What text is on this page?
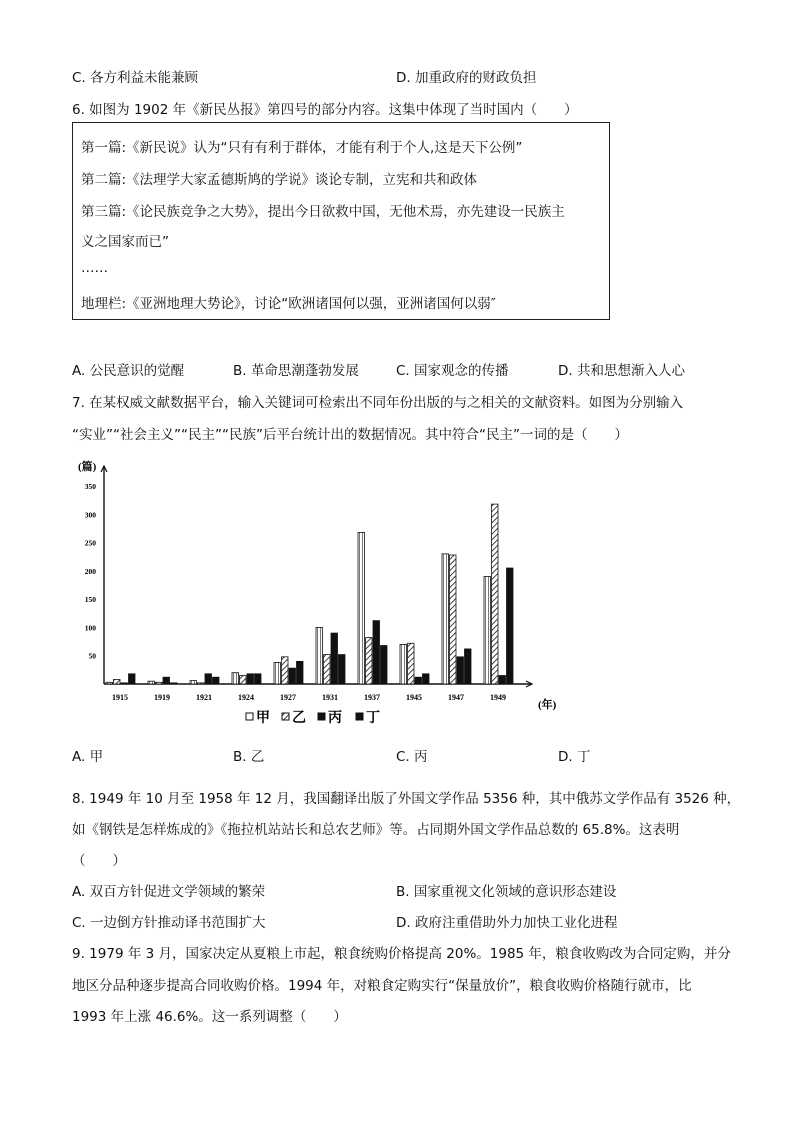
C. 各方利益未能兼顾	D. 加重政府的财政负担
6. 如图为 1902 年《新民丛报》第四号的部分内容。这集中体现了当时国内（　　）
第一篇:《新民说》认为“只有有利于群体，才能有利于个人,这是天下公例”
第二篇:《法理学大家孟德斯鸠的学说》谈论专制，立宪和共和政体
第三篇:《论民族竞争之大势》，提出今日欲救中国，无他术焉，亦先建设一民族主
义之国家而已”
……
地理栏:《亚洲地理大势论》，讨论“欧洲诸国何以强，亚洲诸国何以弱″
A. 公民意识的觉醒	B. 革命思潮蓬勃发展	C. 国家观念的传播	D. 共和思想渐入人心
7. 在某权威文献数据平台，输入关键词可检索出不同年份出版的与之相关的文献资料。如图为分别输入
“实业”“社会主义”“民主”“民族”后平台统计出的数据情况。其中符合“民主”一词的是（　　）
(篇)
(年)
350
300
250
200
150
100
50
1915	1919	1921	1924	1927	1931	1937	1945	1947	1949
甲 乙 丙 丁
A. 甲	B. 乙	C. 丙	D. 丁
8. 1949 年 10 月至 1958 年 12 月，我国翻译出版了外国文学作品 5356 种，其中俄苏文学作品有 3526 种，
如《钢铁是怎样炼成的》《拖拉机站站长和总农艺师》等。占同期外国文学作品总数的 65.8%。这表明
（　　）
A. 双百方针促进文学领域的繁荣	B. 国家重视文化领域的意识形态建设
C. 一边倒方针推动译书范围扩大	D. 政府注重借助外力加快工业化进程
9. 1979 年 3 月，国家决定从夏粮上市起，粮食统购价格提高 20%。1985 年，粮食收购改为合同定购，并分
地区分品种逐步提高合同收购价格。1994 年，对粮食定购实行“保量放价”，粮食收购价格随行就市，比
1993 年上涨 46.6%。这一系列调整（　　）
